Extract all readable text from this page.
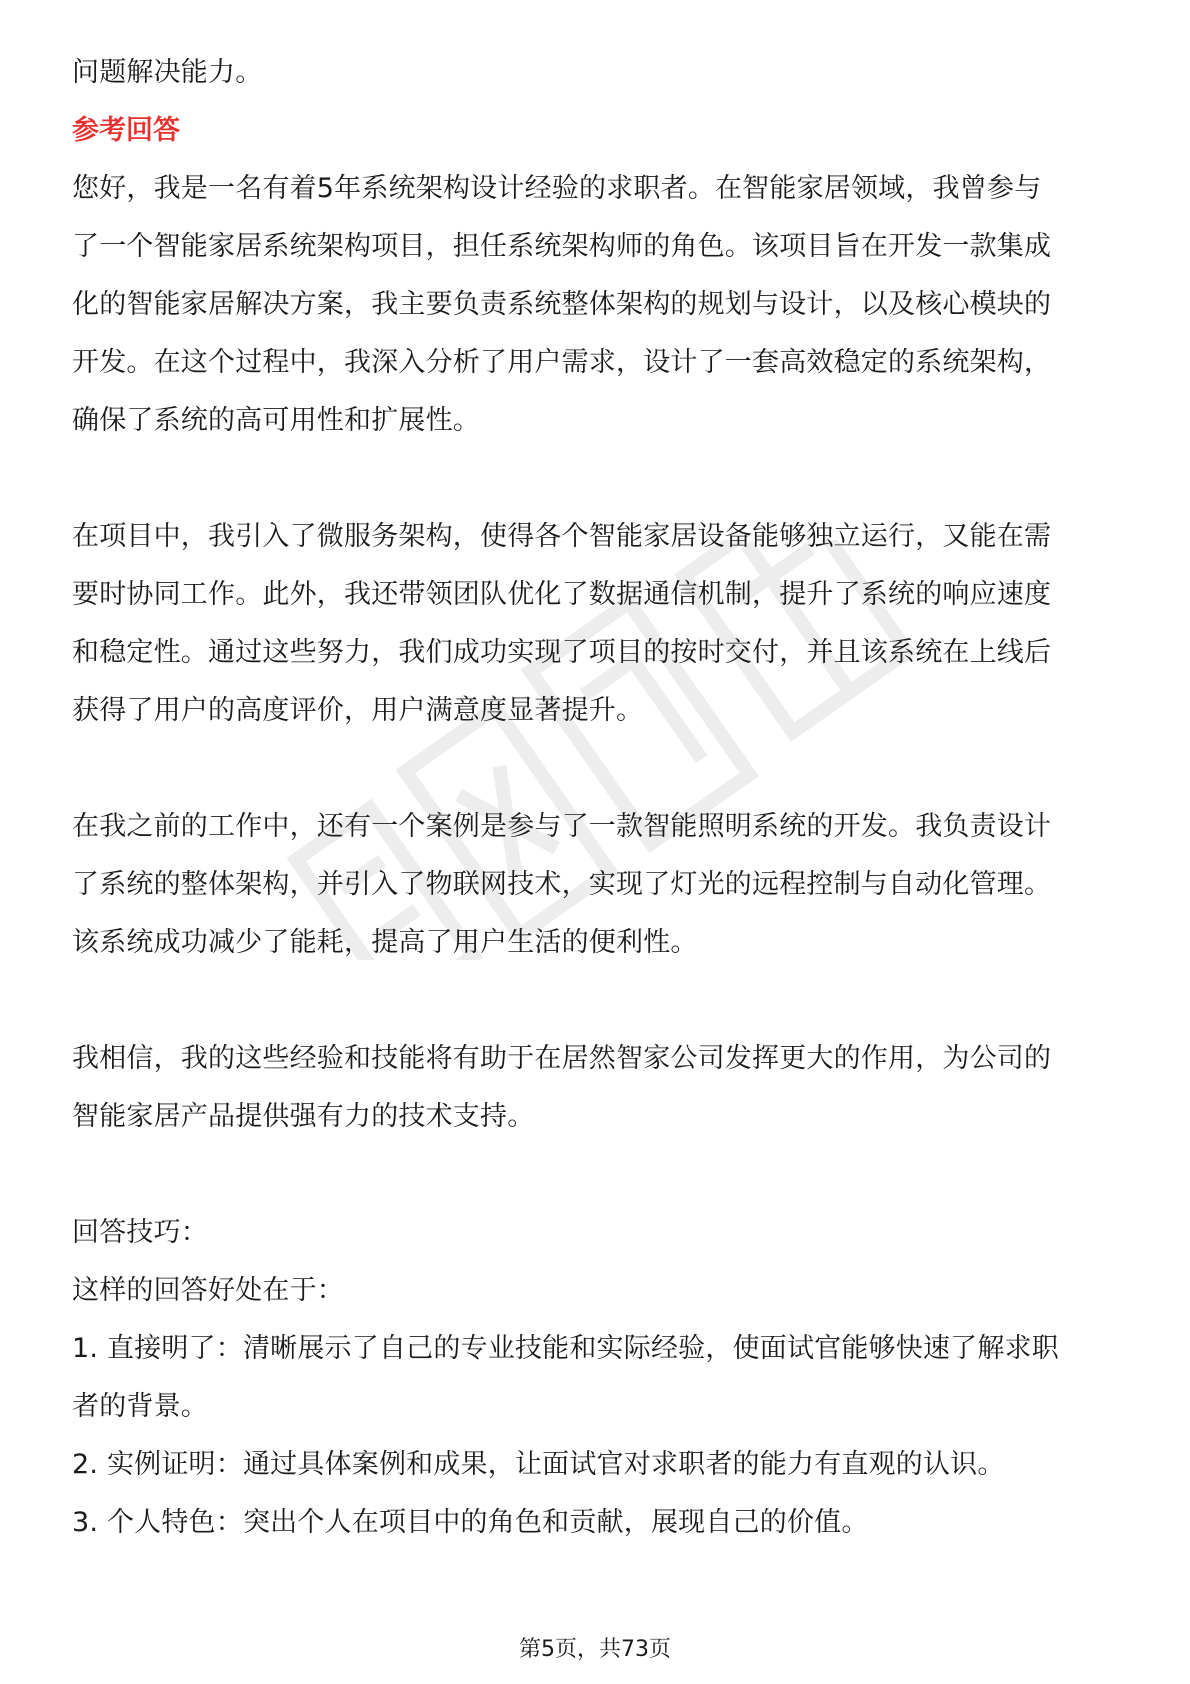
问题解决能力。
参考回答
您好，我是一名有着5年系统架构设计经验的求职者。在智能家居领域，我曾参与
了一个智能家居系统架构项目，担任系统架构师的角色。该项目旨在开发一款集成
化的智能家居解决方案，我主要负责系统整体架构的规划与设计，以及核心模块的
开发。在这个过程中，我深入分析了用户需求，设计了一套高效稳定的系统架构，
确保了系统的高可用性和扩展性。
在项目中，我引入了微服务架构，使得各个智能家居设备能够独立运行，又能在需
要时协同工作。此外，我还带领团队优化了数据通信机制，提升了系统的响应速度
和稳定性。通过这些努力，我们成功实现了项目的按时交付，并且该系统在上线后
获得了用户的高度评价，用户满意度显著提升。
在我之前的工作中，还有一个案例是参与了一款智能照明系统的开发。我负责设计
了系统的整体架构，并引入了物联网技术，实现了灯光的远程控制与自动化管理。
该系统成功减少了能耗，提高了用户生活的便利性。
我相信，我的这些经验和技能将有助于在居然智家公司发挥更大的作用，为公司的
智能家居产品提供强有力的技术支持。
回答技巧：
这样的回答好处在于：
1. 直接明了：清晰展示了自己的专业技能和实际经验，使面试官能够快速了解求职
者的背景。
2. 实例证明：通过具体案例和成果，让面试官对求职者的能力有直观的认识。
3. 个人特色：突出个人在项目中的角色和贡献，展现自己的价值。
第5页，共73页
